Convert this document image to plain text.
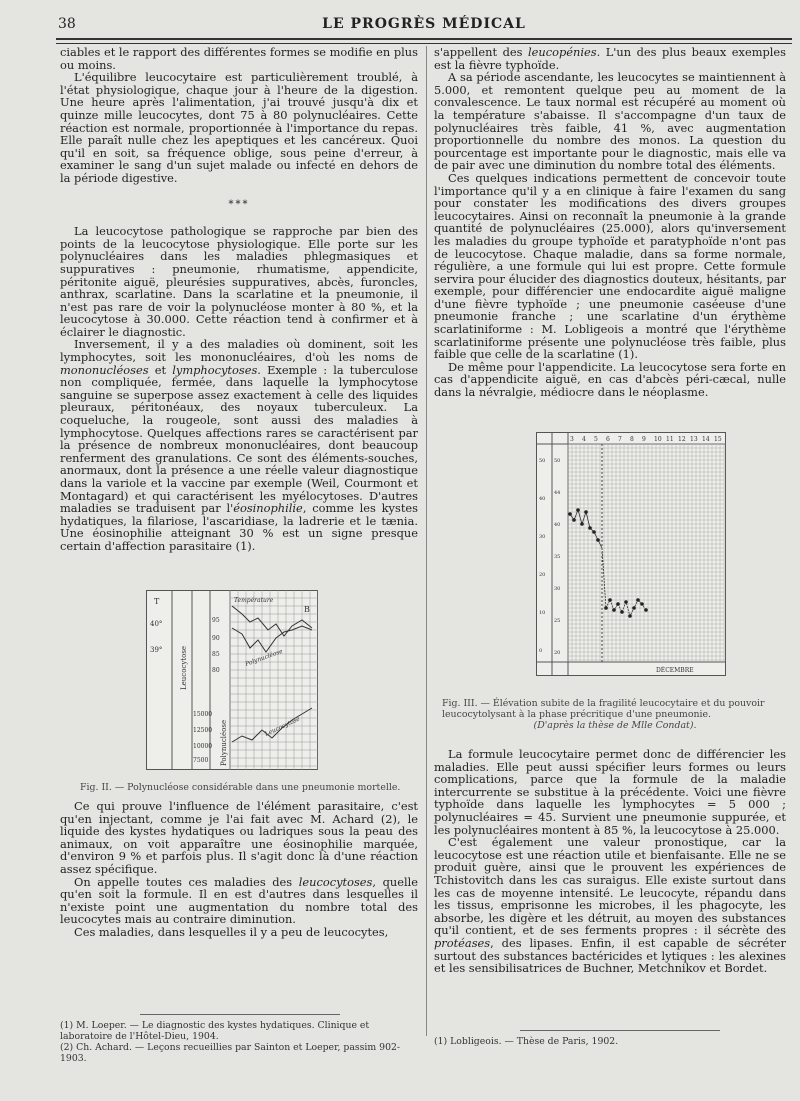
38	LE PROGRÈS MÉDICAL

ciables et le rapport des différentes formes se modifie en plus ou moins.

L'équilibre leucocytaire est particulièrement troublé, à l'état physiologique, chaque jour à l'heure de la digestion. Une heure après l'alimentation, j'ai trouvé jusqu'à dix et quinze mille leucocytes, dont 75 à 80 polynucléaires. Cette réaction est normale, proportionnée à l'importance du repas. Elle paraît nulle chez les apeptiques et les cancéreux. Quoi qu'il en soit, sa fréquence oblige, sous peine d'erreur, à examiner le sang d'un sujet malade ou infecté en dehors de la période digestive.

***

La leucocytose pathologique se rapproche par bien des points de la leucocytose physiologique. Elle porte sur les polynucléaires dans les maladies phlegmasiques et suppuratives : pneumonie, rhumatisme, appendicite, péritonite aiguë, pleurésies suppuratives, abcès, furoncles, anthrax, scarlatine. Dans la scarlatine et la pneumonie, il n'est pas rare de voir la polynucléose monter à 80 %, et la leucocytose à 30.000. Cette réaction tend à confirmer et à éclairer le diagnostic.

Inversement, il y a des maladies où dominent, soit les lymphocytes, soit les mononucléaires, d'où les noms de mononucléoses et lymphocytoses. Exemple : la tuberculose non compliquée, fermée, dans laquelle la lymphocytose sanguine se superpose assez exactement à celle des liquides pleuraux, péritonéaux, des noyaux tuberculeux. La coqueluche, la rougeole, sont aussi des maladies à lymphocytose. Quelques affections rares se caractérisent par la présence de nombreux mononucléaires, dont beaucoup renferment des granulations. Ce sont des éléments-souches, anormaux, dont la présence a une réelle valeur diagnostique dans la variole et la vaccine par exemple (Weil, Courmont et Montagard) et qui caractérisent les myélocytoses. D'autres maladies se traduisent par l'éosinophilie, comme les kystes hydatiques, la filariose, l'ascaridiase, la ladrerie et le tænia. Une éosinophilie atteignant 30 % est un signe presque certain d'affection parasitaire (1).

T
40°
39°	Leucocytose
Polynucléose
95
90
85
80
15000
12500
10000
7500
Température
Polynucléose
Leucocytose
B
Fig. II. — Polynucléose considérable dans une pneumonie mortelle.

Ce qui prouve l'influence de l'élément parasitaire, c'est qu'en injectant, comme je l'ai fait avec M. Achard (2), le liquide des kystes hydatiques ou ladriques sous la peau des animaux, on voit apparaître une éosinophilie marquée, d'environ 9 % et parfois plus. Il s'agit donc là d'une réaction assez spécifique.

On appelle toutes ces maladies des leucocytoses, quelle qu'en soit la formule. Il en est d'autres dans lesquelles il n'existe point une augmentation du nombre total des leucocytes mais au contraire diminution.

Ces maladies, dans lesquelles il y a peu de leucocytes,

(1) M. Loeper. — Le diagnostic des kystes hydatiques. Clinique et laboratoire de l'Hôtel-Dieu, 1904.
(2) Ch. Achard. — Leçons recueillies par Sainton et Loeper, passim 902-1903.

s'appellent des leucopénies. L'un des plus beaux exemples est la fièvre typhoïde.

A sa période ascendante, les leucocytes se maintiennent à 5.000, et remontent quelque peu au moment de la convalescence. Le taux normal est récupéré au moment où la température s'abaisse. Il s'accompagne d'un taux de polynucléaires très faible, 41 %, avec augmentation proportionnelle du nombre des monos. La question du pourcentage est importante pour le diagnostic, mais elle va de pair avec une diminution du nombre total des éléments.

Ces quelques indications permettent de concevoir toute l'importance qu'il y a en clinique à faire l'examen du sang pour constater les modifications des divers groupes leucocytaires. Ainsi on reconnaît la pneumonie à la grande quantité de polynucléaires (25.000), alors qu'inversement les maladies du groupe typhoïde et paratyphoïde n'ont pas de leucocytose. Chaque maladie, dans sa forme normale, régulière, a une formule qui lui est propre. Cette formule servira pour élucider des diagnostics douteux, hésitants, par exemple, pour différencier une endocardite aiguë maligne d'une fièvre typhoïde ; une pneumonie caséeuse d'une pneumonie franche ; une scarlatine d'un érythème scarlatiniforme : M. Lobligeois a montré que l'érythème scarlatiniforme présente une polynucléose très faible, plus faible que celle de la scarlatine (1).

De même pour l'appendicite. La leucocytose sera forte en cas d'appendicite aiguë, en cas d'abcès péri-cæcal, nulle dans la névralgie, médiocre dans le néoplasme.

DÉCEMBRE
3 4 5 6 7 8 9 10 11 12 13 14 15
50
40
30
20
10
0
50
44
40
35
30
25
20
Fig. III. — Élévation subite de la fragilité leucocytaire et du pouvoir leucocytolysant à la phase précritique d'une pneumonie.
(D'après la thèse de Mlle Condat).

La formule leucocytaire permet donc de différencier les maladies. Elle peut aussi spécifier leurs formes ou leurs complications, parce que la formule de la maladie intercurrente se substitue à la précédente. Voici une fièvre typhoïde dans laquelle les lymphocytes = 5 000 ; polynucléaires = 45. Survient une pneumonie suppurée, et les polynucléaires montent à 85 %, la leucocytose à 25.000.

C'est également une valeur pronostique, car la leucocytose est une réaction utile et bienfaisante. Elle ne se produit guère, ainsi que le prouvent les expériences de Tchistovitch dans les cas suraigus. Elle existe surtout dans les cas de moyenne intensité. Le leucocyte, répandu dans les tissus, emprisonne les microbes, il les phagocyte, les absorbe, les digère et les détruit, au moyen des substances qu'il contient, et de ses ferments propres : il sécrète des protéases, des lipases. Enfin, il est capable de sécréter surtout des substances bactéricides et lytiques : les alexines et les sensibilisatrices de Buchner, Metchnikov et Bordet.

(1) Lobligeois. — Thèse de Paris, 1902.
